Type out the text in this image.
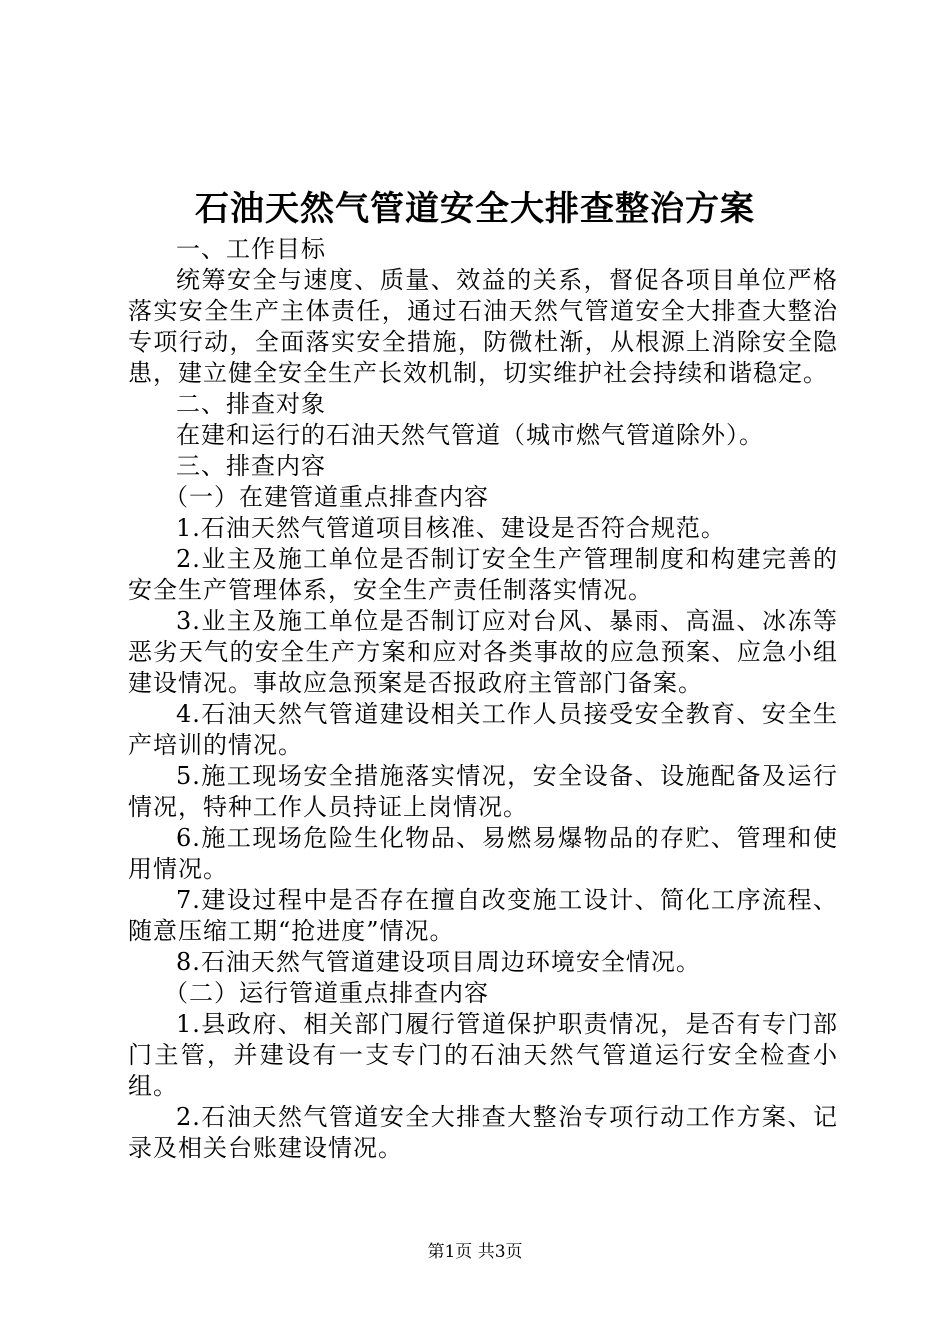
石油天然气管道安全大排查整治方案

一、工作目标

统筹安全与速度、质量、效益的关系，督促各项目单位严格落实安全生产主体责任，通过石油天然气管道安全大排查大整治专项行动，全面落实安全措施，防微杜渐，从根源上消除安全隐患，建立健全安全生产长效机制，切实维护社会持续和谐稳定。

二、排查对象

在建和运行的石油天然气管道（城市燃气管道除外）。

三、排查内容

（一）在建管道重点排查内容

1.石油天然气管道项目核准、建设是否符合规范。

2.业主及施工单位是否制订安全生产管理制度和构建完善的安全生产管理体系，安全生产责任制落实情况。

3.业主及施工单位是否制订应对台风、暴雨、高温、冰冻等恶劣天气的安全生产方案和应对各类事故的应急预案、应急小组建设情况。事故应急预案是否报政府主管部门备案。

4.石油天然气管道建设相关工作人员接受安全教育、安全生产培训的情况。

5.施工现场安全措施落实情况，安全设备、设施配备及运行情况，特种工作人员持证上岗情况。

6.施工现场危险生化物品、易燃易爆物品的存贮、管理和使用情况。

7.建设过程中是否存在擅自改变施工设计、简化工序流程、随意压缩工期“抢进度”情况。

8.石油天然气管道建设项目周边环境安全情况。

（二）运行管道重点排查内容

1.县政府、相关部门履行管道保护职责情况，是否有专门部门主管，并建设有一支专门的石油天然气管道运行安全检查小组。

2.石油天然气管道安全大排查大整治专项行动工作方案、记录及相关台账建设情况。

第1页 共3页
